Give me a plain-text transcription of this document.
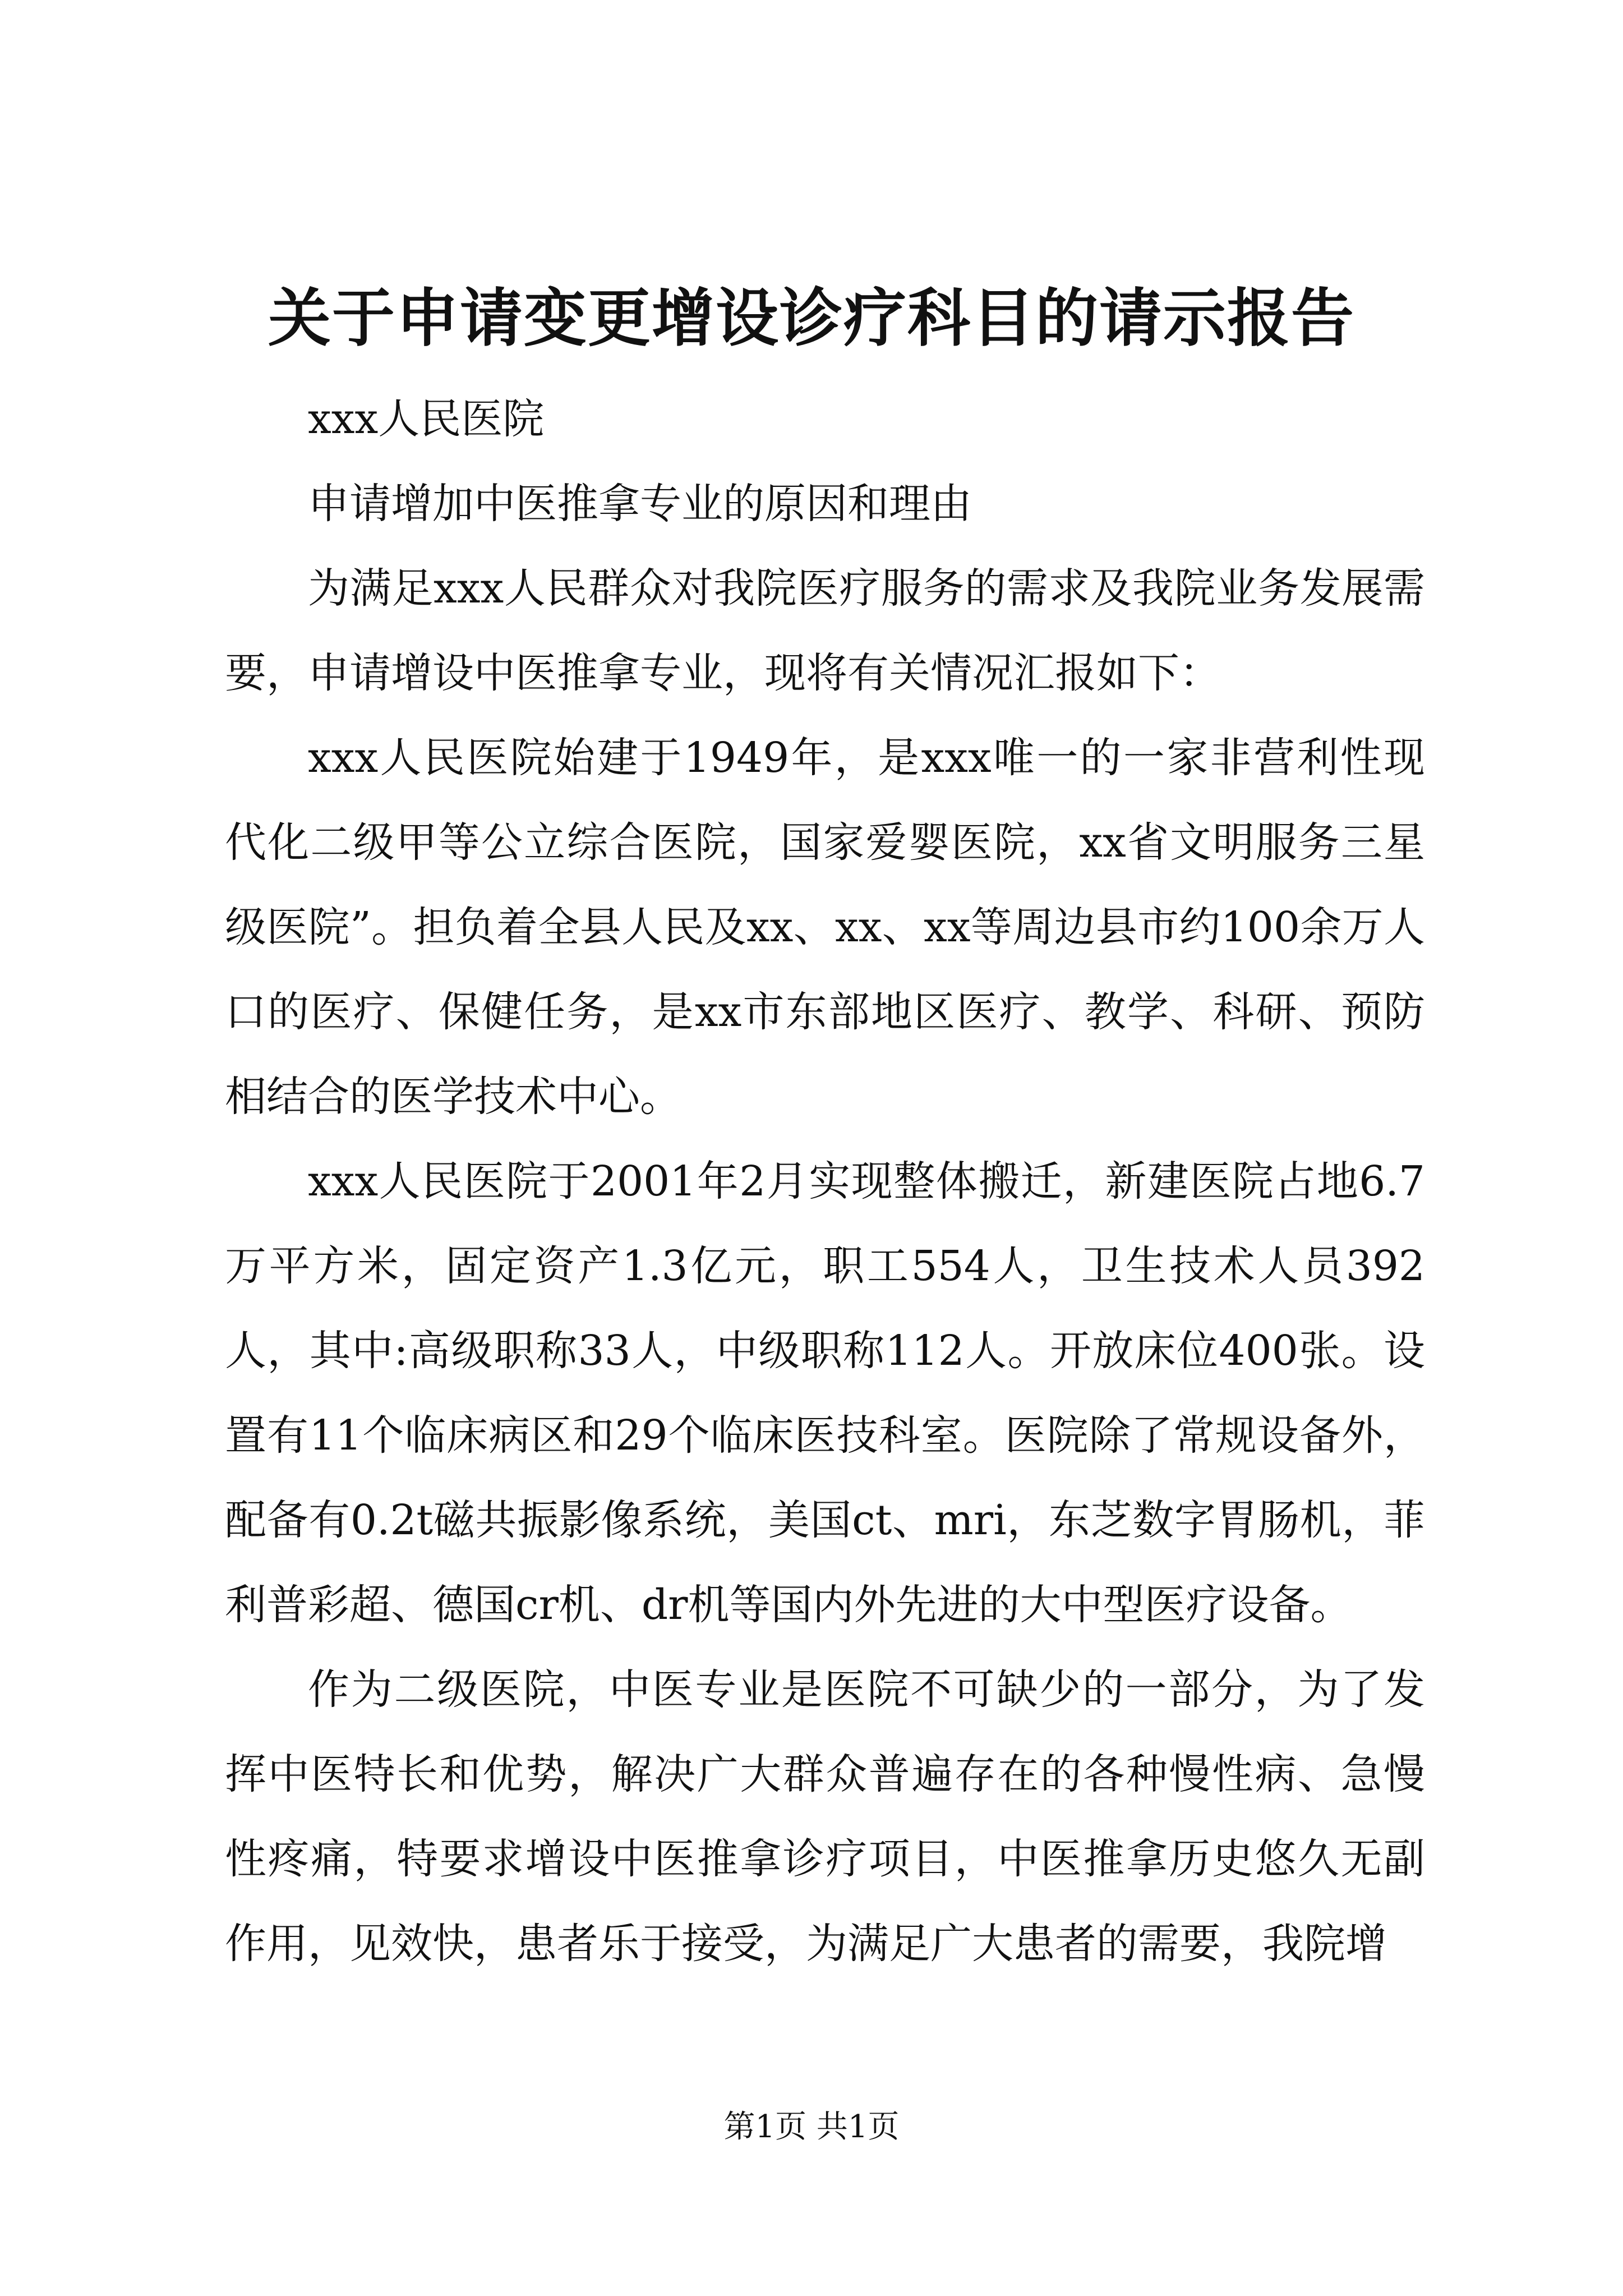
关于申请变更增设诊疗科目的请示报告

xxx人民医院

申请增加中医推拿专业的原因和理由

为满足xxx人民群众对我院医疗服务的需求及我院业务发展需要，申请增设中医推拿专业，现将有关情况汇报如下：

xxx人民医院始建于1949年，是xxx唯一的一家非营利性现代化二级甲等公立综合医院，国家爱婴医院，xx省文明服务三星级医院”。担负着全县人民及xx、xx、xx等周边县市约100余万人口的医疗、保健任务，是xx市东部地区医疗、教学、科研、预防相结合的医学技术中心。

xxx人民医院于2001年2月实现整体搬迁，新建医院占地6.7万平方米，固定资产1.3亿元，职工554人，卫生技术人员392人，其中:高级职称33人，中级职称112人。开放床位400张。设置有11个临床病区和29个临床医技科室。医院除了常规设备外，配备有0.2t磁共振影像系统，美国ct、mri，东芝数字胃肠机，菲利普彩超、德国cr机、dr机等国内外先进的大中型医疗设备。

作为二级医院，中医专业是医院不可缺少的一部分，为了发挥中医特长和优势，解决广大群众普遍存在的各种慢性病、急慢性疼痛，特要求增设中医推拿诊疗项目，中医推拿历史悠久无副作用，见效快，患者乐于接受，为满足广大患者的需要，我院增

第1页 共1页
